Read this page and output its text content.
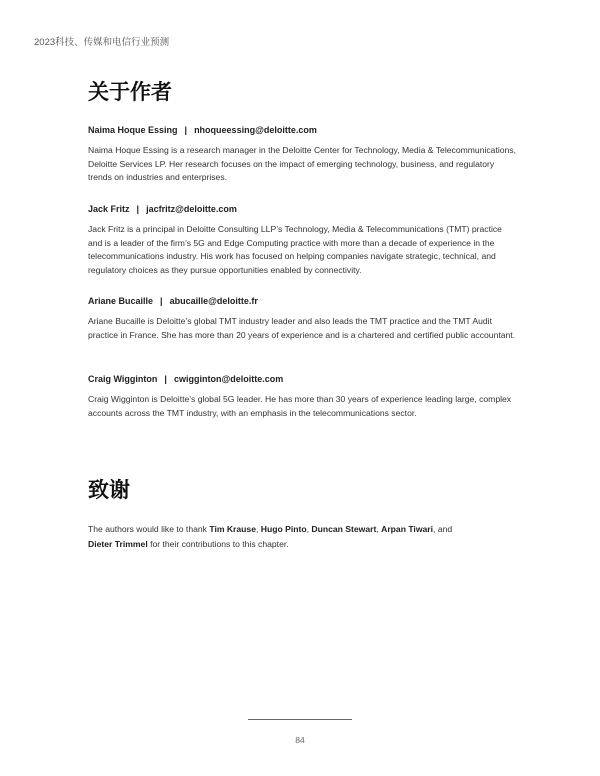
2023科技、传媒和电信行业预测
关于作者

Naima Hoque Essing | nhoqueessing@deloitte.com

Naima Hoque Essing is a research manager in the Deloitte Center for Technology, Media & Telecommunications, Deloitte Services LP. Her research focuses on the impact of emerging technology, business, and regulatory trends on industries and enterprises.

Jack Fritz | jacfritz@deloitte.com

Jack Fritz is a principal in Deloitte Consulting LLP’s Technology, Media & Telecommunications (TMT) practice and is a leader of the firm’s 5G and Edge Computing practice with more than a decade of experience in the telecommunications industry. His work has focused on helping companies navigate strategic, technical, and regulatory choices as they pursue opportunities enabled by connectivity.

Ariane Bucaille | abucaille@deloitte.fr

Ariane Bucaille is Deloitte’s global TMT industry leader and also leads the TMT practice and the TMT Audit practice in France. She has more than 20 years of experience and is a chartered and certified public accountant.

Craig Wigginton | cwigginton@deloitte.com

Craig Wigginton is Deloitte’s global 5G leader. He has more than 30 years of experience leading large, complex accounts across the TMT industry, with an emphasis in the telecommunications sector.

致谢

The authors would like to thank Tim Krause, Hugo Pinto, Duncan Stewart, Arpan Tiwari, and
Dieter Trimmel for their contributions to this chapter.

84
